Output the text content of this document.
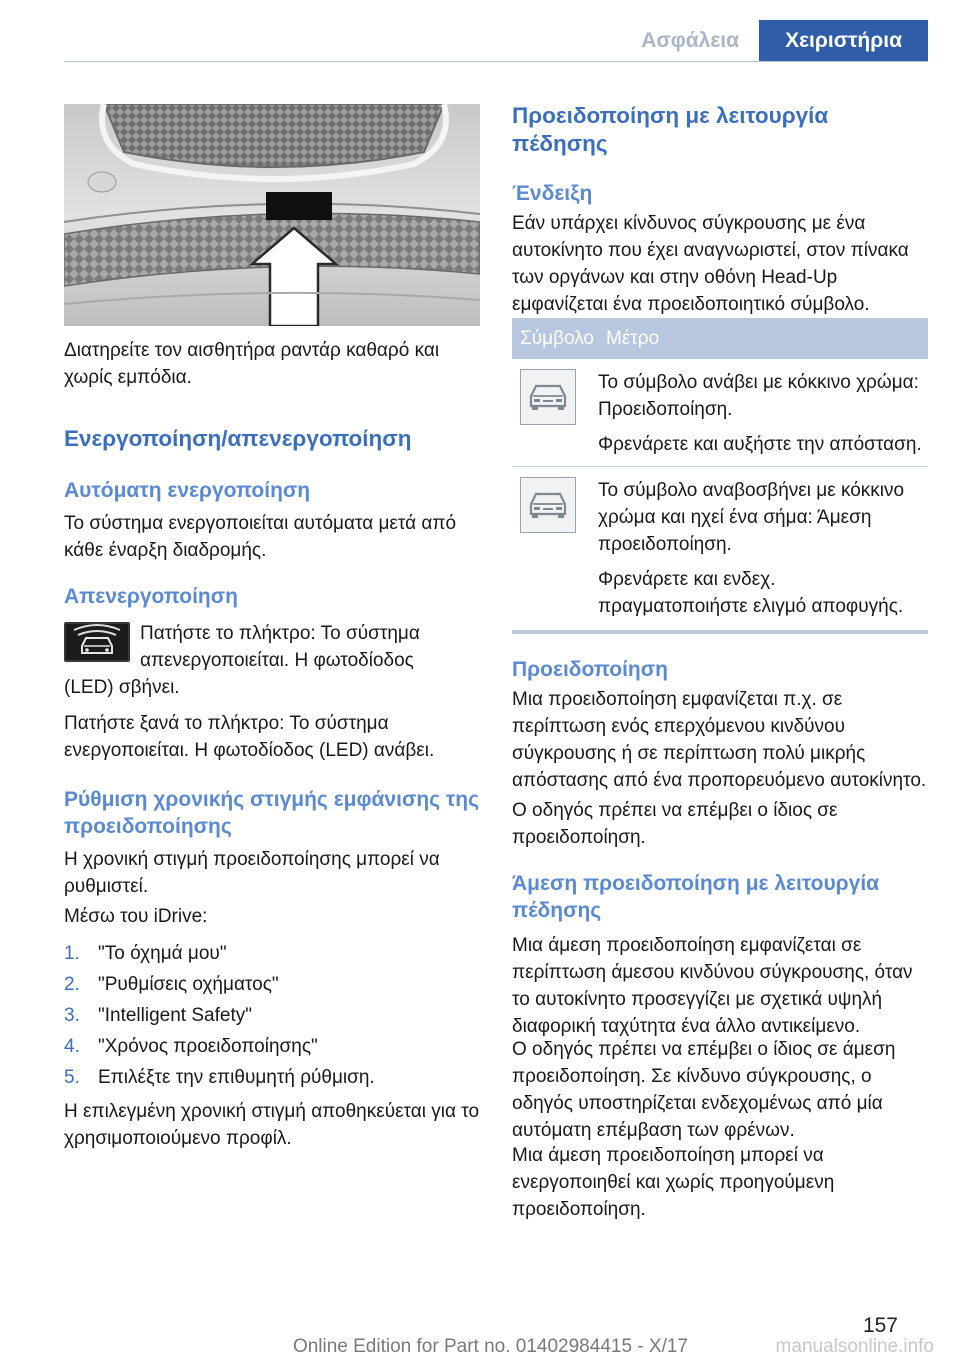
Ασφάλεια	Χειριστήρια

Διατηρείτε τον αισθητήρα ραντάρ καθαρό και χωρίς εμπόδια.

Ενεργοποίηση/απενεργοποίηση
Αυτόματη ενεργοποίηση

Το σύστημα ενεργοποιείται αυτόματα μετά από κάθε έναρξη διαδρομής.

Απενεργοποίηση

Πατήστε το πλήκτρο: Το σύστημα

απενεργοποιείται. Η φωτοδίοδος

(LED) σβήνει.

Πατήστε ξανά το πλήκτρο: Το σύστημα ενεργοποιείται. Η φωτοδίοδος (LED) ανάβει.

Ρύθμιση χρονικής στιγμής εμφάνισης της προειδοποίησης

Η χρονική στιγμή προειδοποίησης μπορεί να ρυθμιστεί.

Μέσω του iDrive:

1. "Το όχημά μου"
2. "Ρυθμίσεις οχήματος"
3. "Intelligent Safety"
4. "Χρόνος προειδοποίησης"
5. Επιλέξτε την επιθυμητή ρύθμιση.

Η επιλεγμένη χρονική στιγμή αποθηκεύεται για το χρησιμοποιούμενο προφίλ.

Προειδοποίηση με λειτουργία πέδησης
Ένδειξη

Εάν υπάρχει κίνδυνος σύγκρουσης με ένα αυτοκίνητο που έχει αναγνωριστεί, στον πίνακα των οργάνων και στην οθόνη Head-Up εμφανίζεται ένα προειδοποιητικό σύμβολο.

Σύμβολο	Μέτρο

Το σύμβολο ανάβει με κόκκινο χρώμα: Προειδοποίηση.

Φρενάρετε και αυξήστε την απόσταση.

Το σύμβολο αναβοσβήνει με κόκκινο χρώμα και ηχεί ένα σήμα: Άμεση προειδοποίηση.

Φρενάρετε και ενδεχ. πραγματοποιήστε ελιγμό αποφυγής.

Προειδοποίηση

Μια προειδοποίηση εμφανίζεται π.χ. σε περίπτωση ενός επερχόμενου κινδύνου σύγκρουσης ή σε περίπτωση πολύ μικρής απόστασης από ένα προπορευόμενο αυτοκίνητο.

Ο οδηγός πρέπει να επέμβει ο ίδιος σε προειδοποίηση.

Άμεση προειδοποίηση με λειτουργία πέδησης

Μια άμεση προειδοποίηση εμφανίζεται σε περίπτωση άμεσου κινδύνου σύγκρουσης, όταν το αυτοκίνητο προσεγγίζει με σχετικά υψηλή διαφορική ταχύτητα ένα άλλο αντικείμενο.

Ο οδηγός πρέπει να επέμβει ο ίδιος σε άμεση προειδοποίηση. Σε κίνδυνο σύγκρουσης, ο οδηγός υποστηρίζεται ενδεχομένως από μία αυτόματη επέμβαση των φρένων.

Μια άμεση προειδοποίηση μπορεί να ενεργοποιηθεί και χωρίς προηγούμενη προειδοποίηση.

157
Online Edition for Part no. 01402984415 - X/17	manualsonline.info
